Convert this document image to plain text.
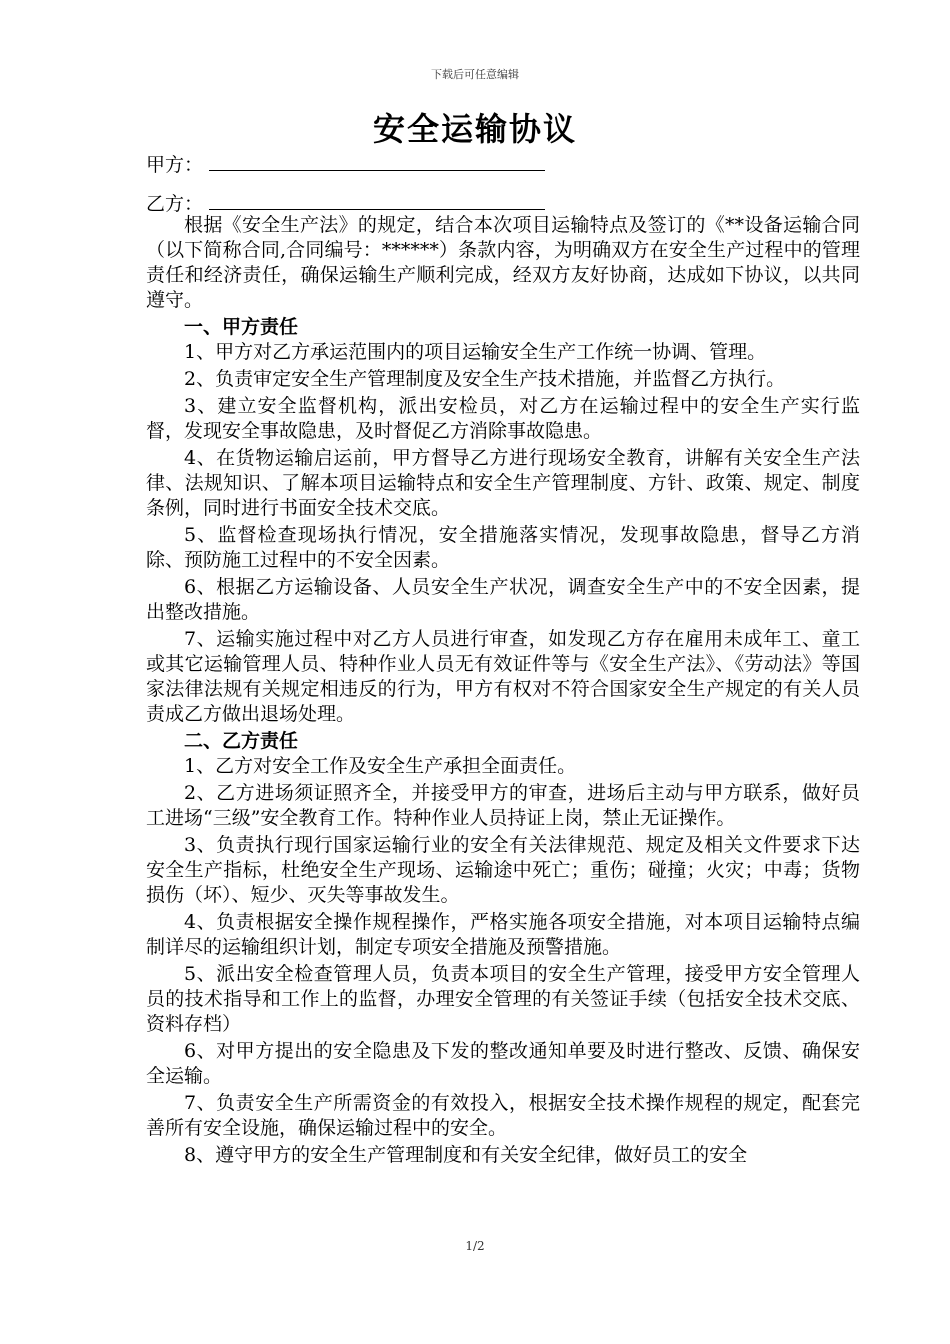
下载后可任意编辑
安全运输协议
甲方：
乙方：

根据《安全生产法》的规定，结合本次项目运输特点及签订的《**设备运输合同（以下简称合同,合同编号：******）条款内容，为明确双方在安全生产过程中的管理责任和经济责任，确保运输生产顺利完成，经双方友好协商，达成如下协议，以共同遵守。

一、甲方责任

1、甲方对乙方承运范围内的项目运输安全生产工作统一协调、管理。

2、负责审定安全生产管理制度及安全生产技术措施，并监督乙方执行。

3、建立安全监督机构，派出安检员，对乙方在运输过程中的安全生产实行监督，发现安全事故隐患，及时督促乙方消除事故隐患。

4、在货物运输启运前，甲方督导乙方进行现场安全教育，讲解有关安全生产法律、法规知识、了解本项目运输特点和安全生产管理制度、方针、政策、规定、制度条例，同时进行书面安全技术交底。

5、监督检查现场执行情况，安全措施落实情况，发现事故隐患，督导乙方消除、预防施工过程中的不安全因素。

6、根据乙方运输设备、人员安全生产状况，调查安全生产中的不安全因素，提出整改措施。

7、运输实施过程中对乙方人员进行审查，如发现乙方存在雇用未成年工、童工或其它运输管理人员、特种作业人员无有效证件等与《安全生产法》、《劳动法》等国家法律法规有关规定相违反的行为，甲方有权对不符合国家安全生产规定的有关人员责成乙方做出退场处理。

二、乙方责任

1、乙方对安全工作及安全生产承担全面责任。

2、乙方进场须证照齐全，并接受甲方的审查，进场后主动与甲方联系，做好员工进场“三级”安全教育工作。特种作业人员持证上岗，禁止无证操作。

3、负责执行现行国家运输行业的安全有关法律规范、规定及相关文件要求下达安全生产指标，杜绝安全生产现场、运输途中死亡；重伤；碰撞；火灾；中毒；货物损伤（坏）、短少、灭失等事故发生。

4、负责根据安全操作规程操作，严格实施各项安全措施，对本项目运输特点编制详尽的运输组织计划，制定专项安全措施及预警措施。

5、派出安全检查管理人员，负责本项目的安全生产管理，接受甲方安全管理人员的技术指导和工作上的监督，办理安全管理的有关签证手续（包括安全技术交底、资料存档）

6、对甲方提出的安全隐患及下发的整改通知单要及时进行整改、反馈、确保安全运输。

7、负责安全生产所需资金的有效投入，根据安全技术操作规程的规定，配套完善所有安全设施，确保运输过程中的安全。

8、遵守甲方的安全生产管理制度和有关安全纪律，做好员工的安全

1/2
